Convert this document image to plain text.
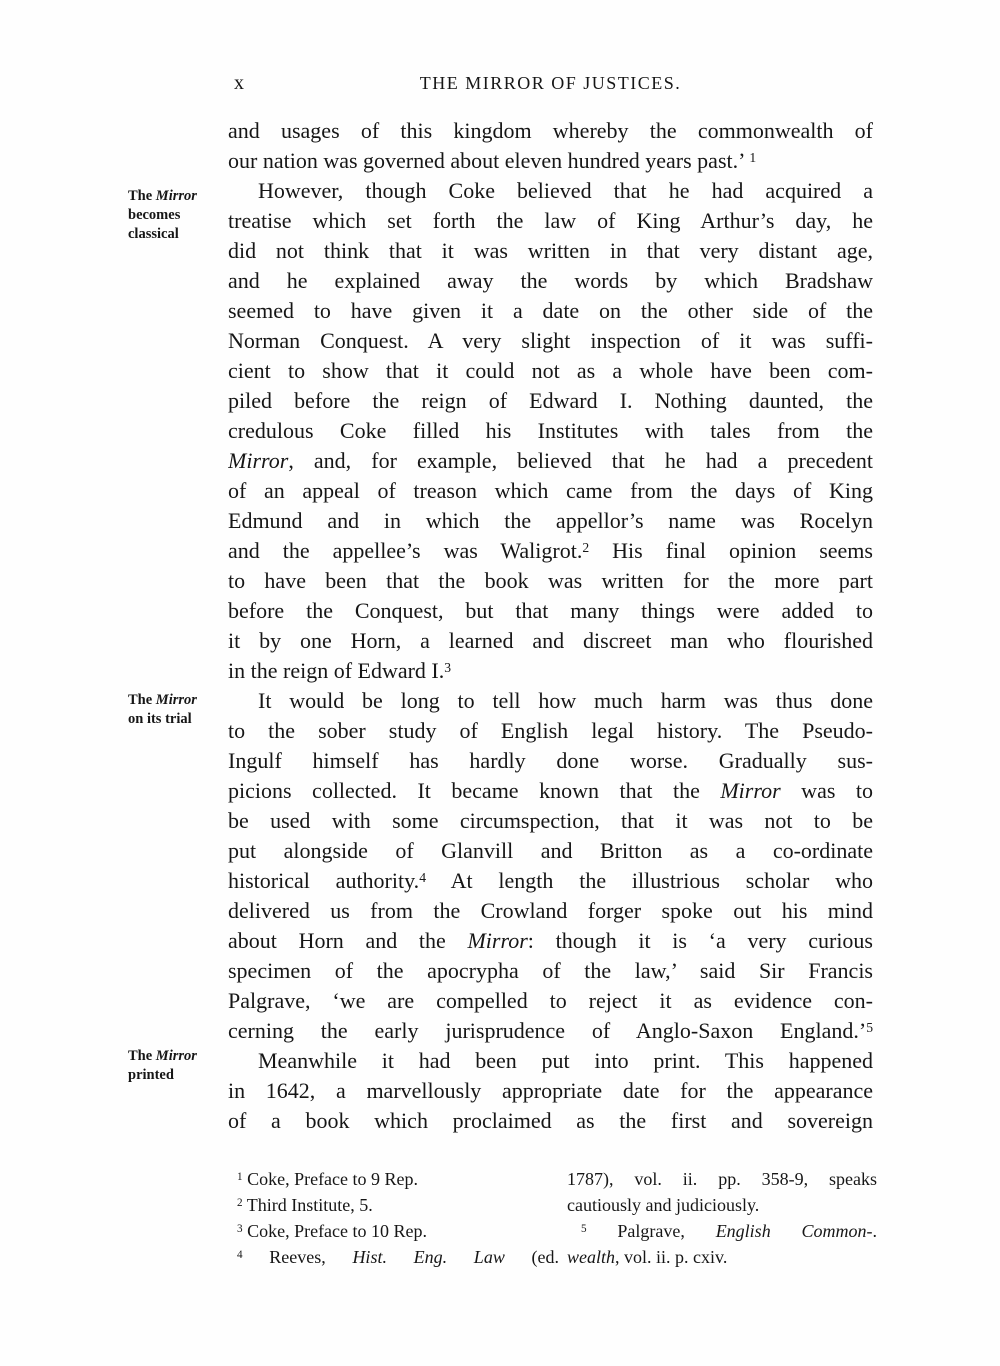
x	THE MIRROR OF JUSTICES.
The Mirror
becomes
classical
The Mirror
on its trial
The Mirror
printed
and usages of this kingdom whereby the commonwealth of
our nation was governed about eleven hundred years past.’ $^1$
However, though Coke believed that he had acquired a
treatise which set forth the law of King Arthur’s day, he
did not think that it was written in that very distant age,
and he explained away the words by which Bradshaw
seemed to have given it a date on the other side of the
Norman Conquest. A very slight inspection of it was suffi-
cient to show that it could not as a whole have been com-
piled before the reign of Edward I. Nothing daunted, the
credulous Coke filled his Institutes with tales from the
Mirror, and, for example, believed that he had a precedent
of an appeal of treason which came from the days of King
Edmund and in which the appellor’s name was Rocelyn
and the appellee’s was Waligrot.$^2$ His final opinion seems
to have been that the book was written for the more part
before the Conquest, but that many things were added to
it by one Horn, a learned and discreet man who flourished
in the reign of Edward I.$^3$
It would be long to tell how much harm was thus done
to the sober study of English legal history. The Pseudo-
Ingulf himself has hardly done worse. Gradually sus-
picions collected. It became known that the Mirror was to
be used with some circumspection, that it was not to be
put alongside of Glanvill and Britton as a co-ordinate
historical authority.$^4$ At length the illustrious scholar who
delivered us from the Crowland forger spoke out his mind
about Horn and the Mirror: though it is ‘a very curious
specimen of the apocrypha of the law,’ said Sir Francis
Palgrave, ‘we are compelled to reject it as evidence con-
cerning the early jurisprudence of Anglo-Saxon England.’$^5$
Meanwhile it had been put into print. This happened
in 1642, a marvellously appropriate date for the appearance
of a book which proclaimed as the first and sovereign
$^1$ Coke, Preface to 9 Rep.
$^2$ Third Institute, 5.
$^3$ Coke, Preface to 10 Rep.
$^4$ Reeves, Hist. Eng. Law (ed.
1787), vol. ii. pp. 358-9, speaks
cautiously and judiciously.
$^5$ Palgrave, English Common-.
wealth, vol. ii. p. cxiv.
